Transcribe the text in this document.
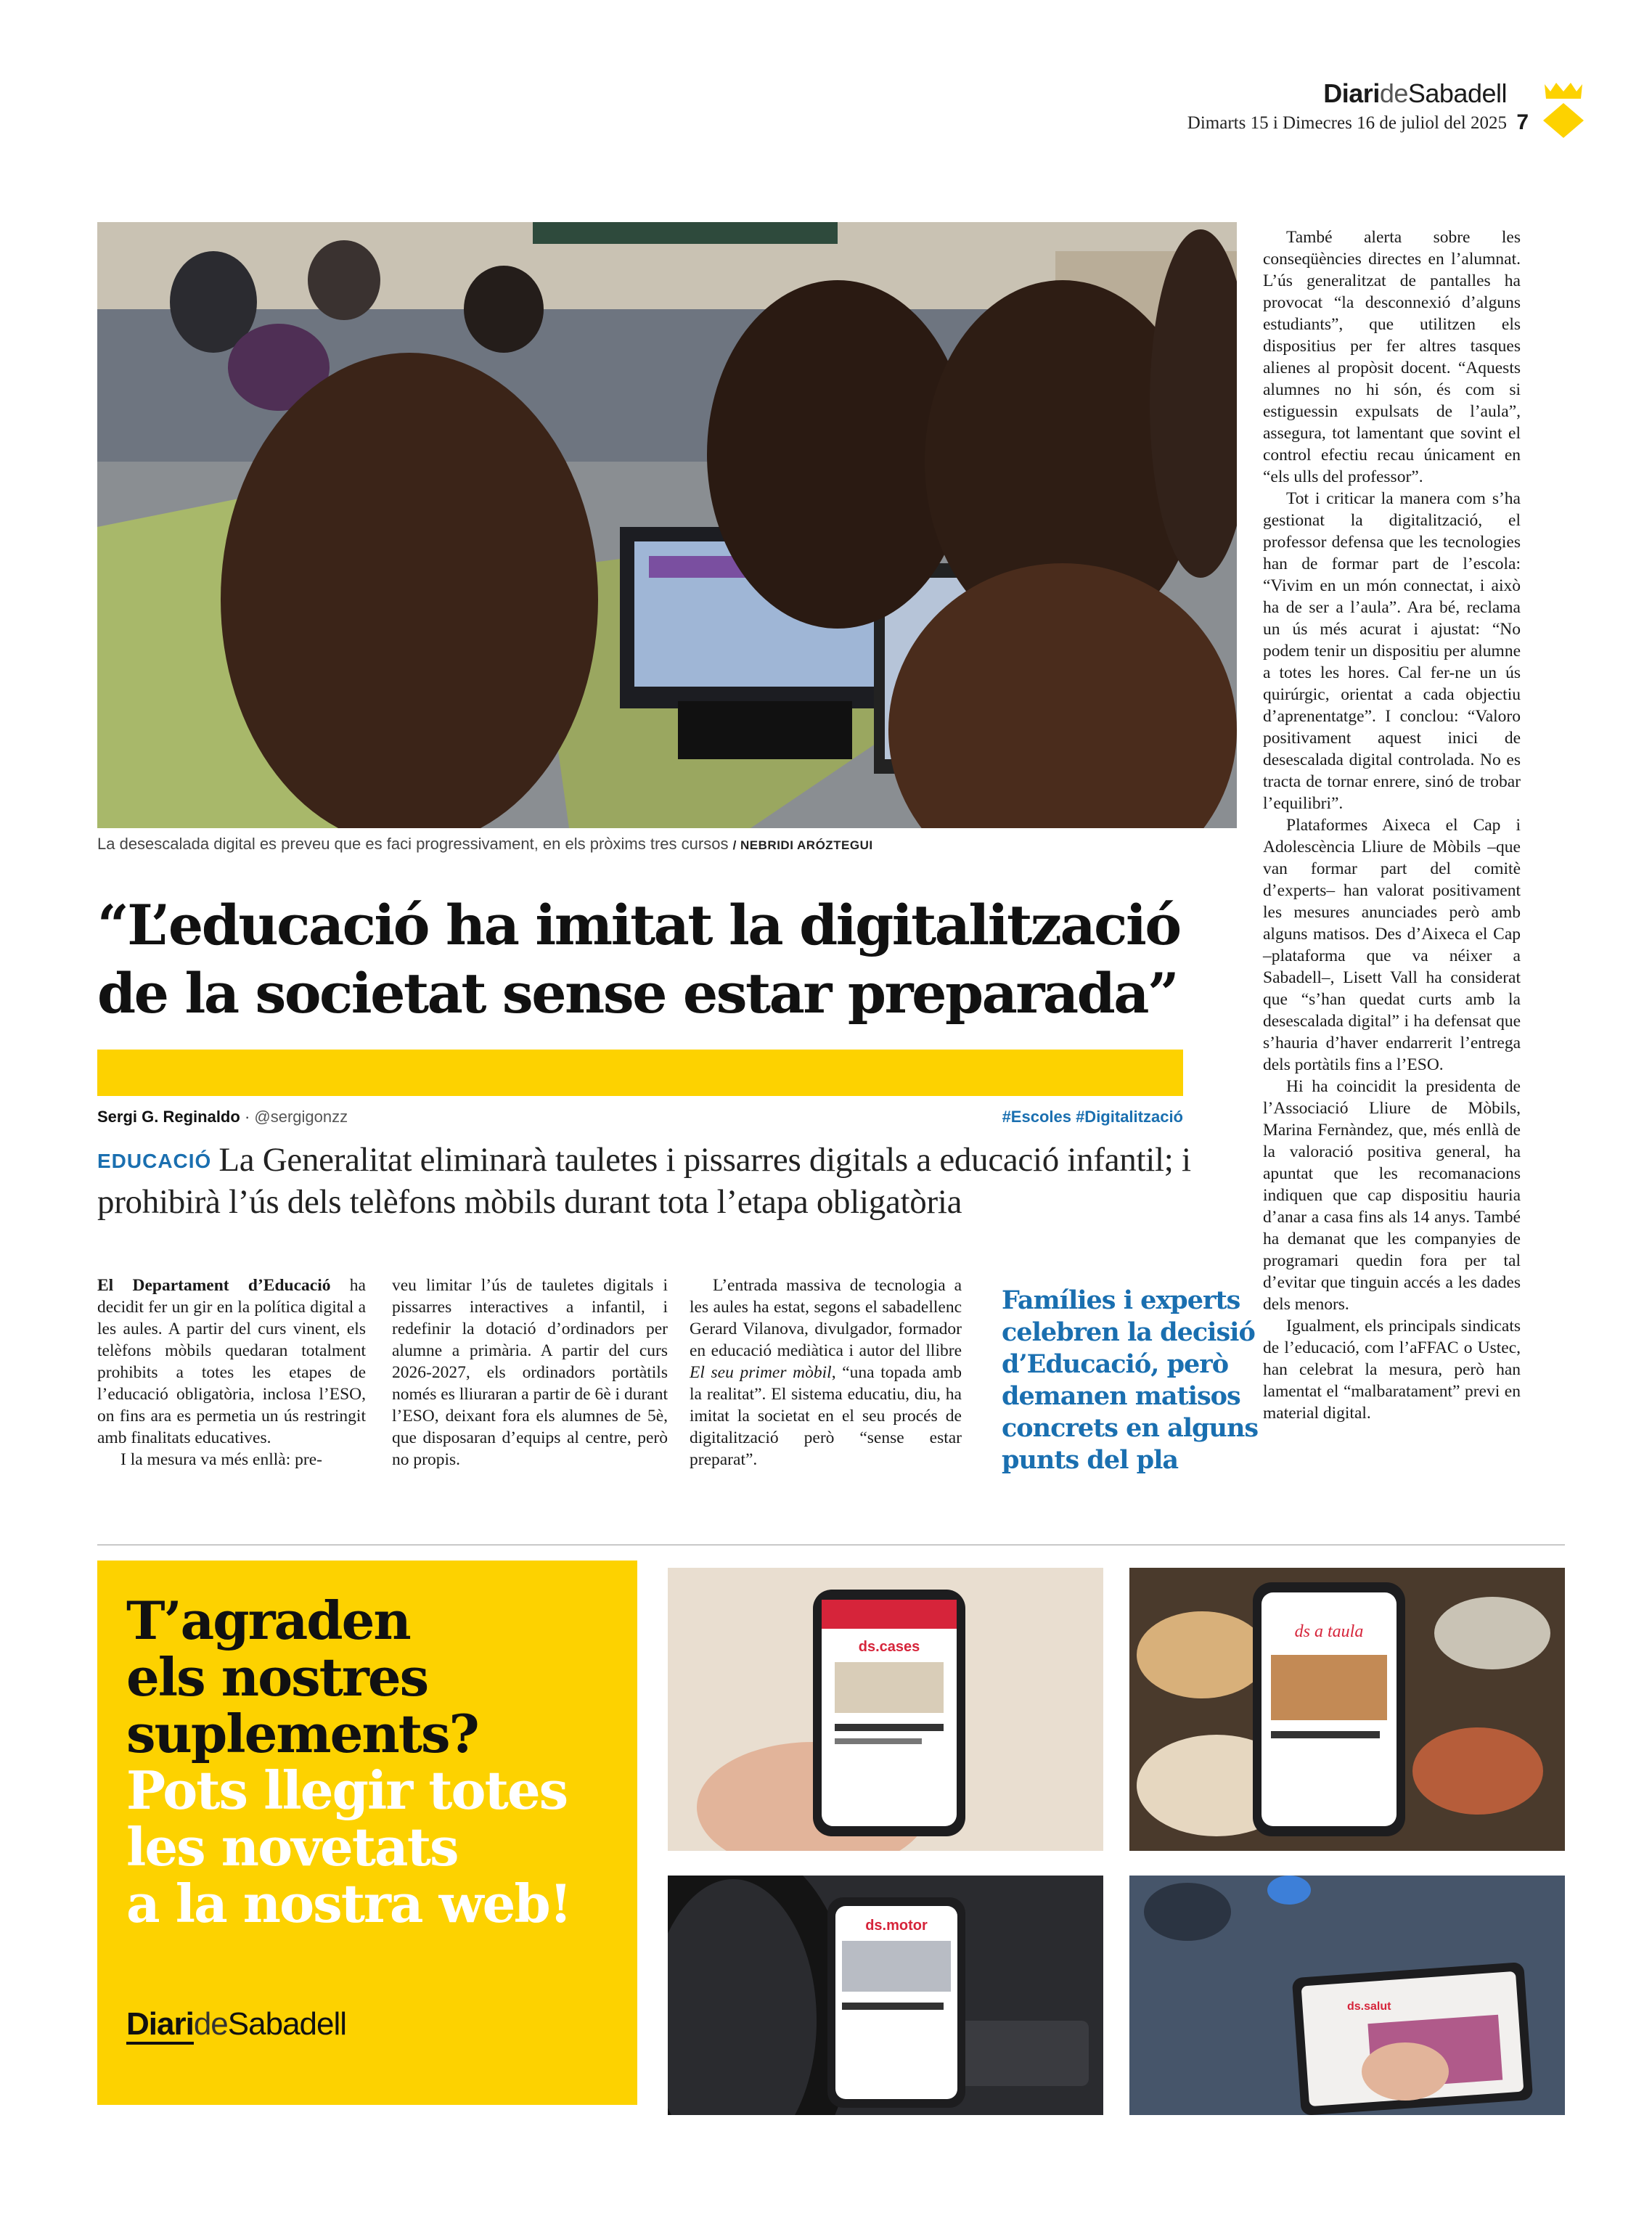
DiarideSabadell
Dimarts 15 i Dimecres 16 de juliol del 2025 7
La desescalada digital es preveu que es faci progressivament, en els pròxims tres cursos / NEBRIDI ARÓZTEGUI
“L’educació ha imitat la digitalització
de la societat sense estar preparada”
Sergi G. Reginaldo · @sergigonzz	#Escoles #Digitalització
EDUCACIÓ La Generalitat eliminarà tauletes i pissarres digitals a educació infantil; i prohibirà l’ús dels telèfons mòbils durant tota l’etapa obligatòria

El Departament d’Educació ha decidit fer un gir en la política digital a les aules. A partir del curs vinent, els telèfons mòbils quedaran totalment prohibits a totes les etapes de l’educació obligatòria, inclosa l’ESO, on fins ara es permetia un ús restringit amb finalitats educatives.

I la mesura va més enllà: pre-

veu limitar l’ús de tauletes digitals i pissarres interactives a infantil, i redefinir la dotació d’ordinadors per alumne a primària. A partir del curs 2026-2027, els ordinadors portàtils només es lliuraran a partir de 6è i durant l’ESO, deixant fora els alumnes de 5è, que disposaran d’equips al centre, però no propis.

L’entrada massiva de tecnologia a les aules ha estat, segons el sabadellenc Gerard Vilanova, divulgador, formador en educació mediàtica i autor del llibre El seu primer mòbil, “una topada amb la realitat”. El sistema educatiu, diu, ha imitat la societat en el seu procés de digitalització però “sense estar preparat”.

Famílies i experts celebren la decisió d’Educació, però demanen matisos concrets en alguns punts del pla

També alerta sobre les conseqüències directes en l’alumnat. L’ús generalitzat de pantalles ha provocat “la desconnexió d’alguns estudiants”, que utilitzen els dispositius per fer altres tasques alienes al propòsit docent. “Aquests alumnes no hi són, és com si estiguessin expulsats de l’aula”, assegura, tot lamentant que sovint el control efectiu recau únicament en “els ulls del professor”.

Tot i criticar la manera com s’ha gestionat la digitalització, el professor defensa que les tecnologies han de formar part de l’escola: “Vivim en un món connectat, i això ha de ser a l’aula”. Ara bé, reclama un ús més acurat i ajustat: “No podem tenir un dispositiu per alumne a totes les hores. Cal fer-ne un ús quirúrgic, orientat a cada objectiu d’aprenentatge”. I conclou: “Valoro positivament aquest inici de desescalada digital controlada. No es tracta de tornar enrere, sinó de trobar l’equilibri”.

Plataformes Aixeca el Cap i Adolescència Lliure de Mòbils –que van formar part del comitè d’experts– han valorat positivament les mesures anunciades però amb alguns matisos. Des d’Aixeca el Cap –plataforma que va néixer a Sabadell–, Lisett Vall ha considerat que “s’han quedat curts amb la desescalada digital” i ha defensat que s’hauria d’haver endarrerit l’entrega dels portàtils fins a l’ESO.

Hi ha coincidit la presidenta de l’Associació Lliure de Mòbils, Marina Fernàndez, que, més enllà de la valoració positiva general, ha apuntat que les recomanacions indiquen que cap dispositiu hauria d’anar a casa fins als 14 anys. També ha demanat que les companyies de programari quedin fora per tal d’evitar que tinguin accés a les dades dels menors.

Igualment, els principals sindicats de l’educació, com l’aFFAC o Ustec, han celebrat la mesura, però han lamentat el “malbaratament” previ en material digital.

T’agraden
els nostres
suplements?
Pots llegir totes
les novetats
a la nostra web!
DiarideSabadell
ds.cases
ds a taula
ds.motor
ds.salut
